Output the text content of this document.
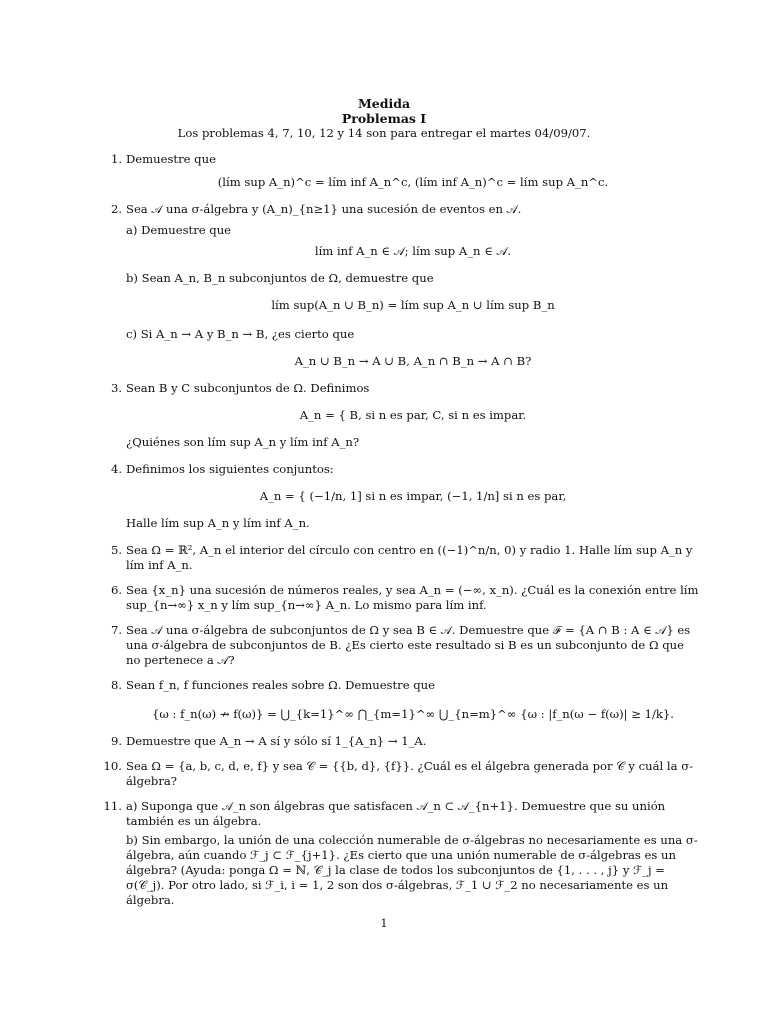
Medida
Problemas I
Los problemas 4, 7, 10, 12 y 14 son para entregar el martes 04/09/07.
1. Demuestre que
(lím sup A_n)^c = lím inf A_n^c, (lím inf A_n)^c = lím sup A_n^c.
2. Sea 𝒜 una σ-álgebra y (A_n)_{n≥1} una sucesión de eventos en 𝒜.
a) Demuestre que
lím inf A_n ∈ 𝒜; lím sup A_n ∈ 𝒜.
b) Sean A_n, B_n subconjuntos de Ω, demuestre que
lím sup(A_n ∪ B_n) = lím sup A_n ∪ lím sup B_n
c) Si A_n → A y B_n → B, ¿es cierto que
A_n ∪ B_n → A ∪ B, A_n ∩ B_n → A ∩ B?
3. Sean B y C subconjuntos de Ω. Definimos
A_n = { B, si n es par, C, si n es impar.
¿Quiénes son lím sup A_n y lím inf A_n?
4. Definimos los siguientes conjuntos:
A_n = { (−1/n, 1] si n es impar, (−1, 1/n] si n es par,
Halle lím sup A_n y lím inf A_n.
5. Sea Ω = ℝ², A_n el interior del círculo con centro en ((−1)^n/n, 0) y radio 1. Halle lím sup A_n y lím inf A_n.
6. Sea {x_n} una sucesión de números reales, y sea A_n = (−∞, x_n). ¿Cuál es la conexión entre lím sup_{n→∞} x_n y lím sup_{n→∞} A_n. Lo mismo para lím inf.
7. Sea 𝒜 una σ-álgebra de subconjuntos de Ω y sea B ∈ 𝒜. Demuestre que ℱ = {A ∩ B : A ∈ 𝒜} es una σ-álgebra de subconjuntos de B. ¿Es cierto este resultado si B es un subconjunto de Ω que no pertenece a 𝒜?
8. Sean f_n, f funciones reales sobre Ω. Demuestre que
{ω : f_n(ω) ↛ f(ω)} = ⋃_{k=1}^∞ ⋂_{m=1}^∞ ⋃_{n=m}^∞ {ω : |f_n(ω − f(ω)| ≥ 1/k}.
9. Demuestre que A_n → A sí y sólo sí 1_{A_n} → 1_A.
10. Sea Ω = {a, b, c, d, e, f} y sea 𝒞 = {{b, d}, {f}}. ¿Cuál es el álgebra generada por 𝒞 y cuál la σ-álgebra?
11. a) Suponga que 𝒜_n son álgebras que satisfacen 𝒜_n ⊂ 𝒜_{n+1}. Demuestre que su unión también es un álgebra.
b) Sin embargo, la unión de una colección numerable de σ-álgebras no necesariamente es una σ-álgebra, aún cuando ℱ_j ⊂ ℱ_{j+1}. ¿Es cierto que una unión numerable de σ-álgebras es un álgebra? (Ayuda: ponga Ω = ℕ, 𝒞_j la clase de todos los subconjuntos de {1, . . . , j} y ℱ_j = σ(𝒞_j). Por otro lado, si ℱ_i, i = 1, 2 son dos σ-álgebras, ℱ_1 ∪ ℱ_2 no necesariamente es un álgebra.
1
